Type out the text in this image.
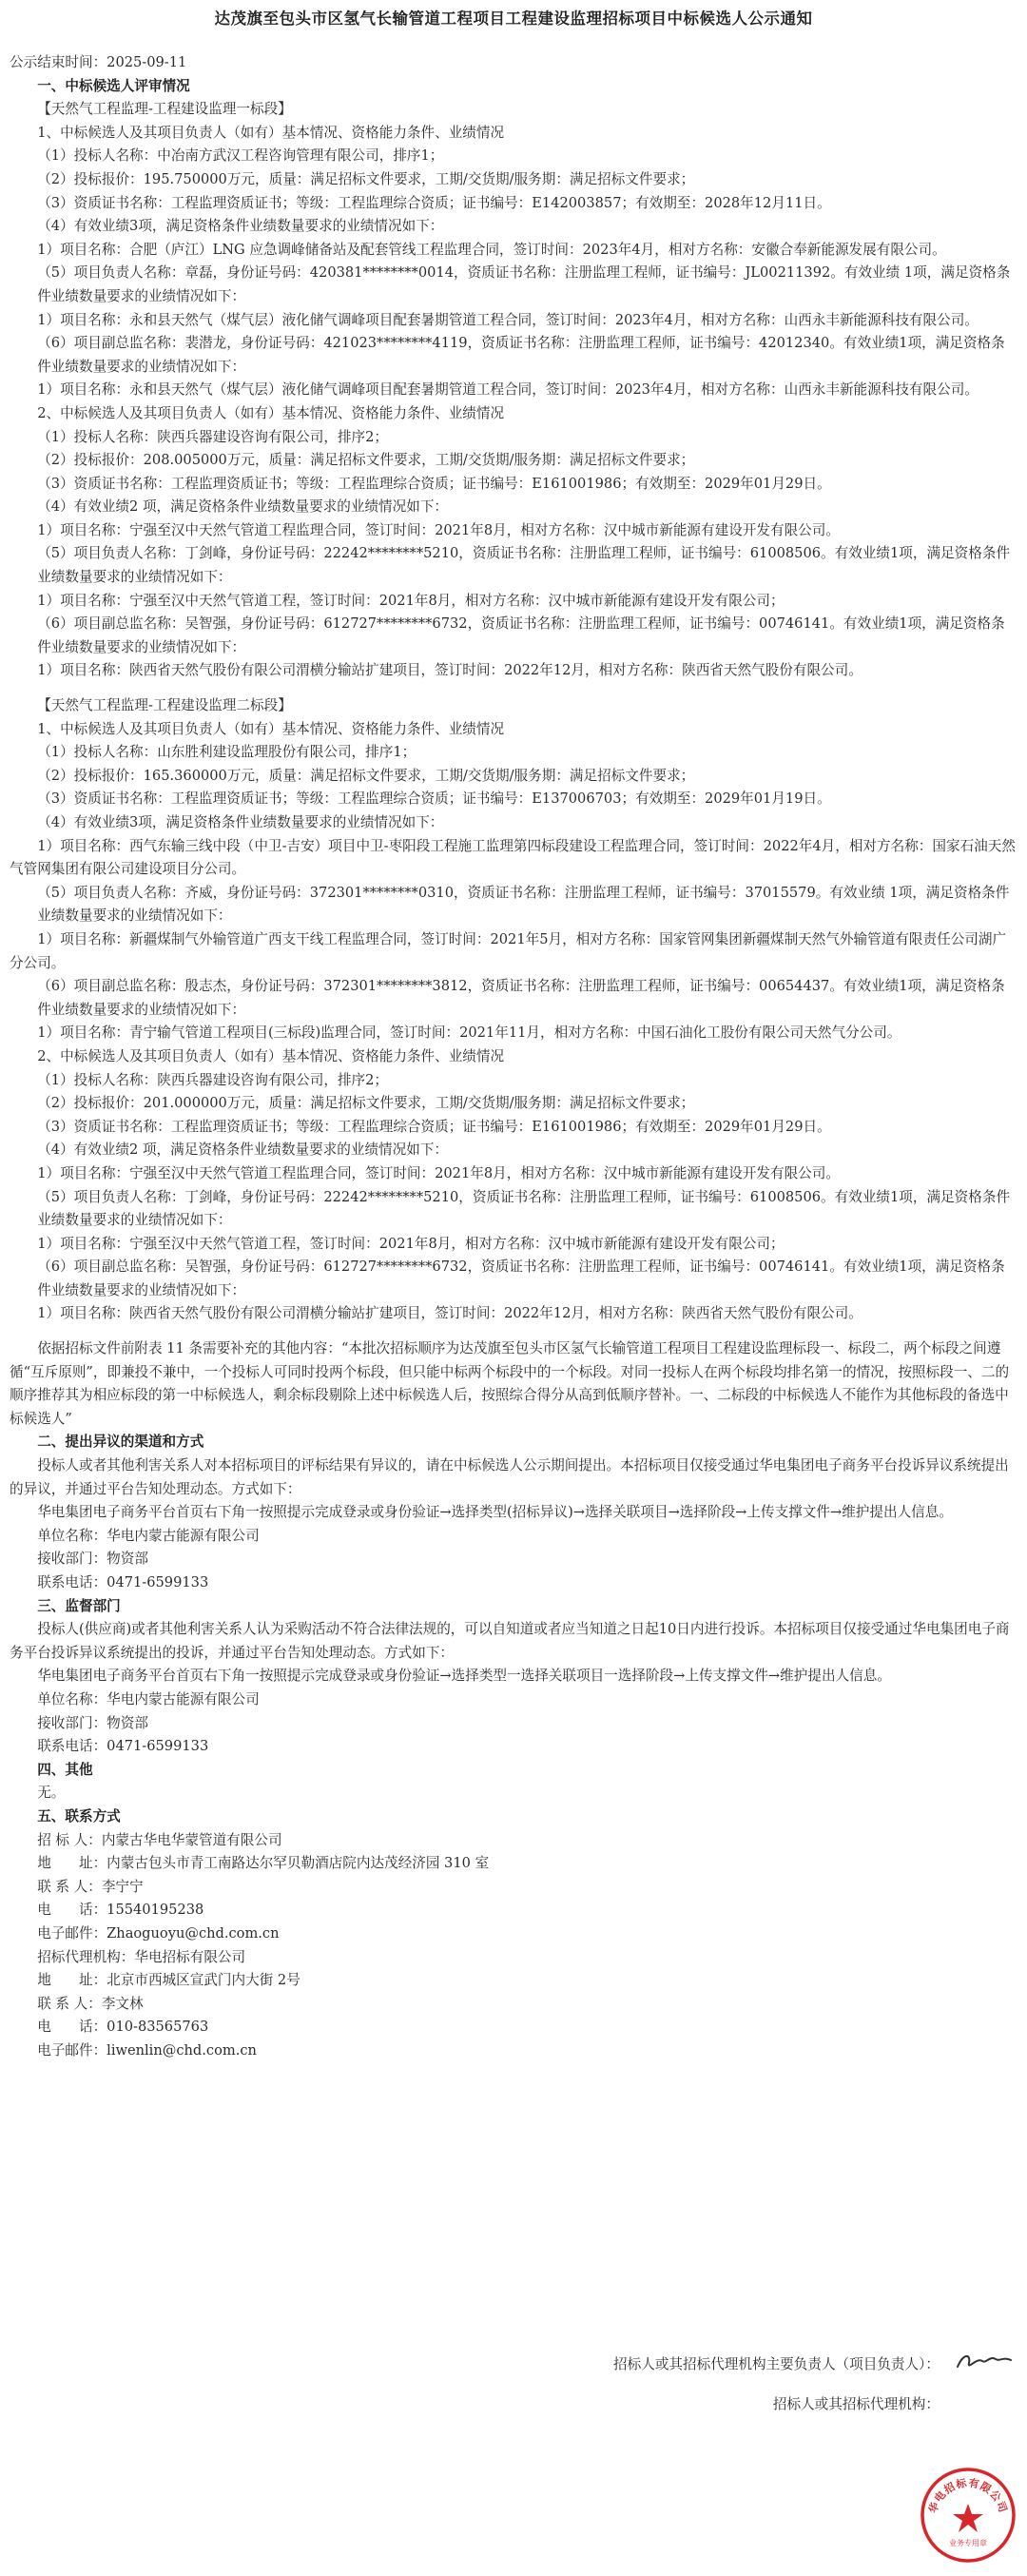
达茂旗至包头市区氢气长输管道工程项目工程建设监理招标项目中标候选人公示通知

公示结束时间：2025-09-11

一、中标候选人评审情况

【天然气工程监理-工程建设监理一标段】

1、中标候选人及其项目负责人（如有）基本情况、资格能力条件、业绩情况

（1）投标人名称：中冶南方武汉工程咨询管理有限公司，排序1；

（2）投标报价：195.750000万元，质量：满足招标文件要求，工期/交货期/服务期：满足招标文件要求；

（3）资质证书名称：工程监理资质证书；等级：工程监理综合资质；证书编号：E142003857；有效期至：2028年12月11日。

（4）有效业绩3项，满足资格条件业绩数量要求的业绩情况如下：

1）项目名称：合肥（庐江）LNG 应急调峰储备站及配套管线工程监理合同，签订时间：2023年4月，相对方名称：安徽合奉新能源发展有限公司。

（5）项目负责人名称：章磊，身份证号码：420381********0014，资质证书名称：注册监理工程师，证书编号：JL00211392。有效业绩 1项，满足资格条件业绩数量要求的业绩情况如下：

1）项目名称：永和县天然气（煤气层）液化储气调峰项目配套暑期管道工程合同，签订时间：2023年4月，相对方名称：山西永丰新能源科技有限公司。

（6）项目副总监名称：裴潜龙，身份证号码：421023********4119，资质证书名称：注册监理工程师，证书编号：42012340。有效业绩1项，满足资格条件业绩数量要求的业绩情况如下：

1）项目名称：永和县天然气（煤气层）液化储气调峰项目配套暑期管道工程合同，签订时间：2023年4月，相对方名称：山西永丰新能源科技有限公司。

2、中标候选人及其项目负责人（如有）基本情况、资格能力条件、业绩情况

（1）投标人名称：陕西兵器建设咨询有限公司，排序2；

（2）投标报价：208.005000万元，质量：满足招标文件要求，工期/交货期/服务期：满足招标文件要求；

（3）资质证书名称：工程监理资质证书；等级：工程监理综合资质；证书编号：E161001986；有效期至：2029年01月29日。

（4）有效业绩2 项，满足资格条件业绩数量要求的业绩情况如下：

1）项目名称：宁强至汉中天然气管道工程监理合同，签订时间：2021年8月，相对方名称：汉中城市新能源有建设开发有限公司。

（5）项目负责人名称：丁剑峰，身份证号码：22242********5210，资质证书名称：注册监理工程师，证书编号：61008506。有效业绩1项，满足资格条件业绩数量要求的业绩情况如下：

1）项目名称：宁强至汉中天然气管道工程，签订时间：2021年8月，相对方名称：汉中城市新能源有建设开发有限公司；

（6）项目副总监名称：吴智强，身份证号码：612727********6732，资质证书名称：注册监理工程师，证书编号：00746141。有效业绩1项，满足资格条件业绩数量要求的业绩情况如下：

1）项目名称：陕西省天然气股份有限公司渭横分输站扩建项目，签订时间：2022年12月，相对方名称：陕西省天然气股份有限公司。

【天然气工程监理-工程建设监理二标段】

1、中标候选人及其项目负责人（如有）基本情况、资格能力条件、业绩情况

（1）投标人名称：山东胜利建设监理股份有限公司，排序1；

（2）投标报价：165.360000万元，质量：满足招标文件要求，工期/交货期/服务期：满足招标文件要求；

（3）资质证书名称：工程监理资质证书；等级：工程监理综合资质；证书编号：E137006703；有效期至：2029年01月19日。

（4）有效业绩3项，满足资格条件业绩数量要求的业绩情况如下：

1）项目名称：西气东输三线中段（中卫-吉安）项目中卫-枣阳段工程施工监理第四标段建设工程监理合同，签订时间：2022年4月，相对方名称：国家石油天然气管网集团有限公司建设项目分公司。

（5）项目负责人名称：齐威，身份证号码：372301********0310，资质证书名称：注册监理工程师，证书编号：37015579。有效业绩 1项，满足资格条件业绩数量要求的业绩情况如下：

1）项目名称：新疆煤制气外输管道广西支干线工程监理合同，签订时间：2021年5月，相对方名称：国家管网集团新疆煤制天然气外输管道有限责任公司湖广分公司。

（6）项目副总监名称：殷志杰，身份证号码：372301********3812，资质证书名称：注册监理工程师，证书编号：00654437。有效业绩1项，满足资格条件业绩数量要求的业绩情况如下：

1）项目名称：青宁输气管道工程项目(三标段)监理合同，签订时间：2021年11月，相对方名称：中国石油化工股份有限公司天然气分公司。

2、中标候选人及其项目负责人（如有）基本情况、资格能力条件、业绩情况

（1）投标人名称：陕西兵器建设咨询有限公司，排序2；

（2）投标报价：201.000000万元，质量：满足招标文件要求，工期/交货期/服务期：满足招标文件要求；

（3）资质证书名称：工程监理资质证书；等级：工程监理综合资质；证书编号：E161001986；有效期至：2029年01月29日。

（4）有效业绩2 项，满足资格条件业绩数量要求的业绩情况如下：

1）项目名称：宁强至汉中天然气管道工程监理合同，签订时间：2021年8月，相对方名称：汉中城市新能源有建设开发有限公司。

（5）项目负责人名称：丁剑峰，身份证号码：22242********5210，资质证书名称：注册监理工程师，证书编号：61008506。有效业绩1项，满足资格条件业绩数量要求的业绩情况如下：

1）项目名称：宁强至汉中天然气管道工程，签订时间：2021年8月，相对方名称：汉中城市新能源有建设开发有限公司；

（6）项目副总监名称：吴智强，身份证号码：612727********6732，资质证书名称：注册监理工程师，证书编号：00746141。有效业绩1项，满足资格条件业绩数量要求的业绩情况如下：

1）项目名称：陕西省天然气股份有限公司渭横分输站扩建项目，签订时间：2022年12月，相对方名称：陕西省天然气股份有限公司。

依据招标文件前附表 11 条需要补充的其他内容：“本批次招标顺序为达茂旗至包头市区氢气长输管道工程项目工程建设监理标段一、标段二，两个标段之间遵循“互斥原则”，即兼投不兼中，一个投标人可同时投两个标段，但只能中标两个标段中的一个标段。对同一投标人在两个标段均排名第一的情况，按照标段一、二的顺序推荐其为相应标段的第一中标候选人，剩余标段剔除上述中标候选人后，按照综合得分从高到低顺序替补。一、二标段的中标候选人不能作为其他标段的备选中标候选人”

二、提出异议的渠道和方式

投标人或者其他利害关系人对本招标项目的评标结果有异议的，请在中标候选人公示期间提出。本招标项目仅接受通过华电集团电子商务平台投诉异议系统提出的异议，并通过平台告知处理动态。方式如下：

华电集团电子商务平台首页右下角一按照提示完成登录或身份验证→选择类型(招标异议)→选择关联项目→选择阶段→上传支撑文件→维护提出人信息。

单位名称：华电内蒙古能源有限公司

接收部门：物资部

联系电话：0471-6599133

三、监督部门

投标人(供应商)或者其他利害关系人认为采购活动不符合法律法规的，可以自知道或者应当知道之日起10日内进行投诉。本招标项目仅接受通过华电集团电子商务平台投诉异议系统提出的投诉，并通过平台告知处理动态。方式如下：

华电集团电子商务平台首页右下角一按照提示完成登录或身份验证→选择类型一选择关联项目一选择阶段→上传支撑文件→维护提出人信息。

单位名称：华电内蒙古能源有限公司

接收部门：物资部

联系电话：0471-6599133

四、其他

无。

五、联系方式

招 标 人：内蒙古华电华蒙管道有限公司

地　　址：内蒙古包头市青工南路达尔罕贝勒酒店院内达茂经济园 310 室

联 系 人：李宁宁

电　　话：15540195238

电子邮件：Zhaoguoyu@chd.com.cn

招标代理机构：华电招标有限公司

地　　址：北京市西城区宣武门内大街 2号

联 系 人：李文林

电　　话：010-83565763

电子邮件：liwenlin@chd.com.cn

招标人或其招标代理机构主要负责人（项目负责人）：
招标人或其招标代理机构：
华电招标有限公司
业务专用章
